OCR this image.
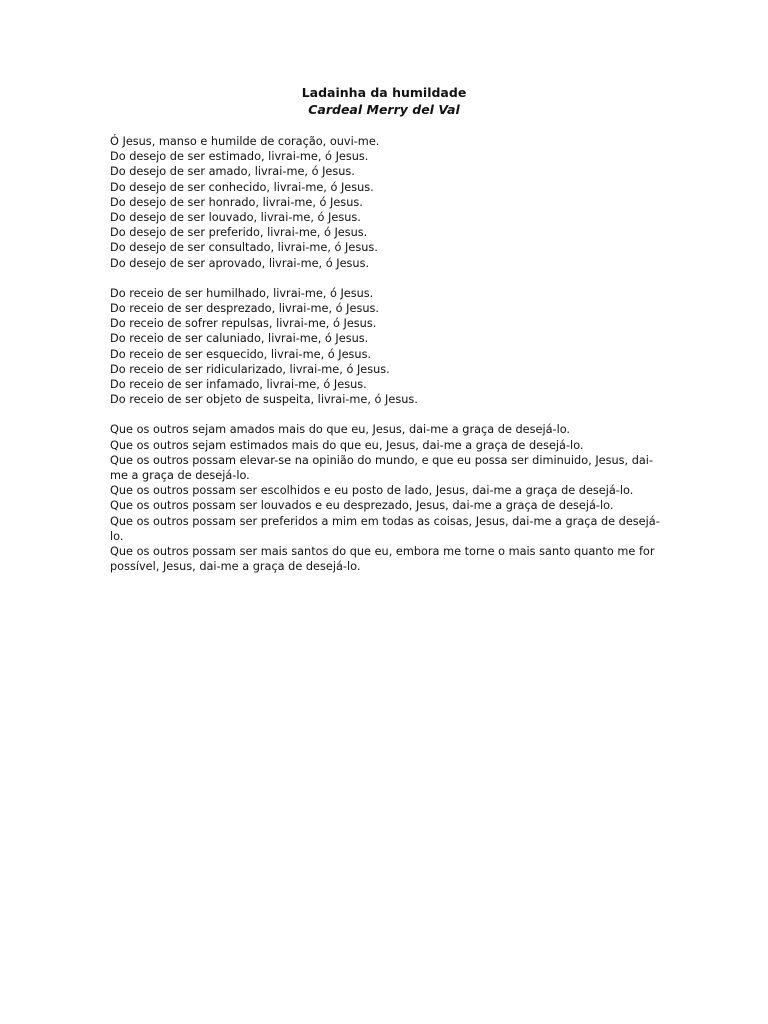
Ladainha da humildade
Cardeal Merry del Val
Ó Jesus, manso e humilde de coração, ouvi-me.
Do desejo de ser estimado, livrai-me, ó Jesus.
Do desejo de ser amado, livrai-me, ó Jesus.
Do desejo de ser conhecido, livrai-me, ó Jesus.
Do desejo de ser honrado, livrai-me, ó Jesus.
Do desejo de ser louvado, livrai-me, ó Jesus.
Do desejo de ser preferido, livrai-me, ó Jesus.
Do desejo de ser consultado, livrai-me, ó Jesus.
Do desejo de ser aprovado, livrai-me, ó Jesus.
Do receio de ser humilhado, livrai-me, ó Jesus.
Do receio de ser desprezado, livrai-me, ó Jesus.
Do receio de sofrer repulsas, livrai-me, ó Jesus.
Do receio de ser caluniado, livrai-me, ó Jesus.
Do receio de ser esquecido, livrai-me, ó Jesus.
Do receio de ser ridicularizado, livrai-me, ó Jesus.
Do receio de ser infamado, livrai-me, ó Jesus.
Do receio de ser objeto de suspeita, livrai-me, ó Jesus.
Que os outros sejam amados mais do que eu, Jesus, dai-me a graça de desejá-lo.
Que os outros sejam estimados mais do que eu, Jesus, dai-me a graça de desejá-lo.
Que os outros possam elevar-se na opinião do mundo, e que eu possa ser diminuido, Jesus, dai-me a graça de desejá-lo.
Que os outros possam ser escolhidos e eu posto de lado, Jesus, dai-me a graça de desejá-lo.
Que os outros possam ser louvados e eu desprezado, Jesus, dai-me a graça de desejá-lo.
Que os outros possam ser preferidos a mim em todas as coisas, Jesus, dai-me a graça de desejá-lo.
Que os outros possam ser mais santos do que eu, embora me torne o mais santo quanto me for possível, Jesus, dai-me a graça de desejá-lo.
